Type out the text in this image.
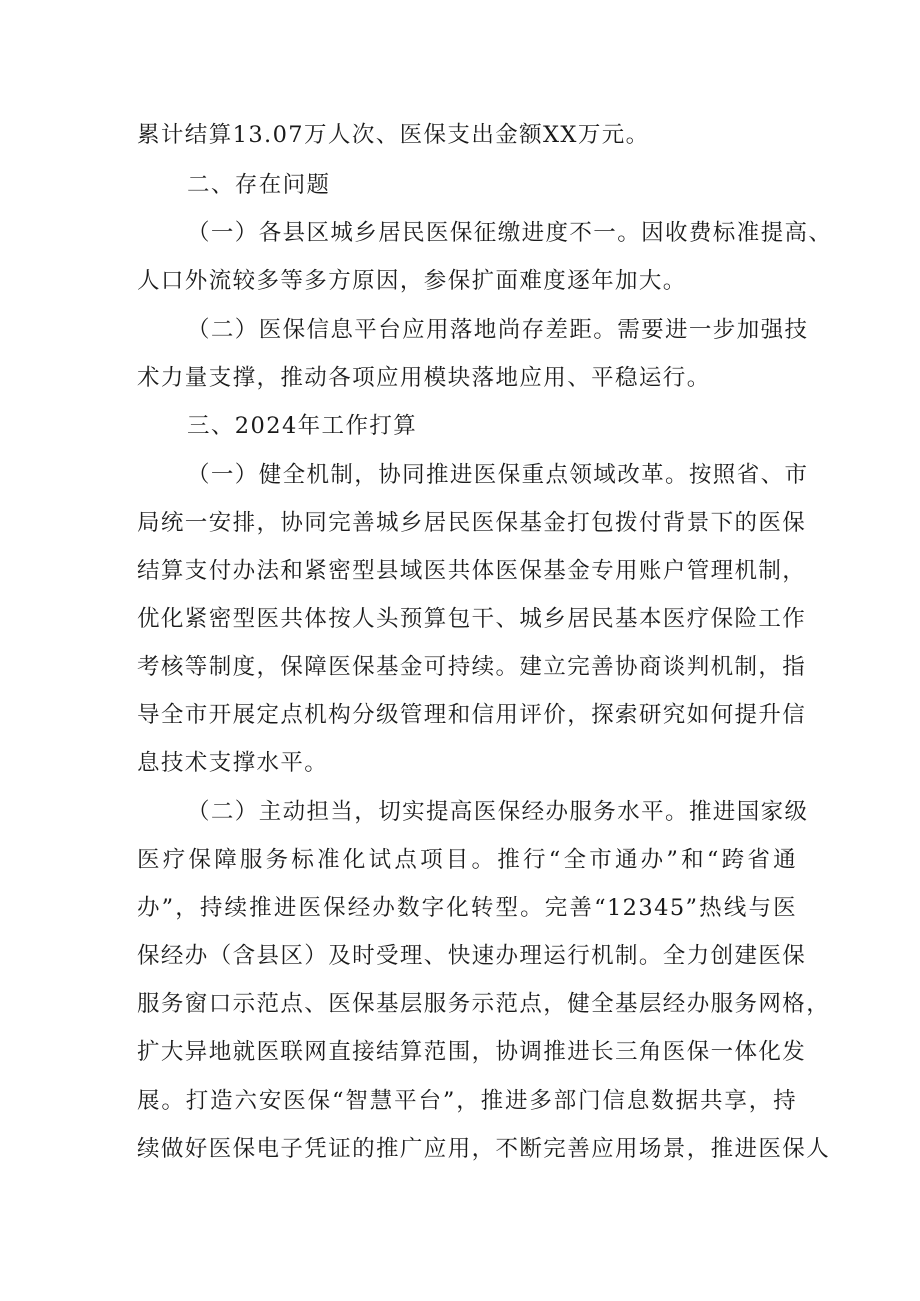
累计结算13.07万人次、医保支出金额XX万元。
二、存在问题
（一）各县区城乡居民医保征缴进度不一。因收费标准提高、
人口外流较多等多方原因，参保扩面难度逐年加大。
（二）医保信息平台应用落地尚存差距。需要进一步加强技
术力量支撑，推动各项应用模块落地应用、平稳运行。
三、2024年工作打算
（一）健全机制，协同推进医保重点领域改革。按照省、市
局统一安排，协同完善城乡居民医保基金打包拨付背景下的医保
结算支付办法和紧密型县域医共体医保基金专用账户管理机制，
优化紧密型医共体按人头预算包干、城乡居民基本医疗保险工作
考核等制度，保障医保基金可持续。建立完善协商谈判机制，指
导全市开展定点机构分级管理和信用评价，探索研究如何提升信
息技术支撑水平。
（二）主动担当，切实提高医保经办服务水平。推进国家级
医疗保障服务标准化试点项目。推行“全市通办”和“跨省通
办”，持续推进医保经办数字化转型。完善“12345”热线与医
保经办（含县区）及时受理、快速办理运行机制。全力创建医保
服务窗口示范点、医保基层服务示范点，健全基层经办服务网格，
扩大异地就医联网直接结算范围，协调推进长三角医保一体化发
展。打造六安医保“智慧平台”，推进多部门信息数据共享，持
续做好医保电子凭证的推广应用，不断完善应用场景，推进医保人
